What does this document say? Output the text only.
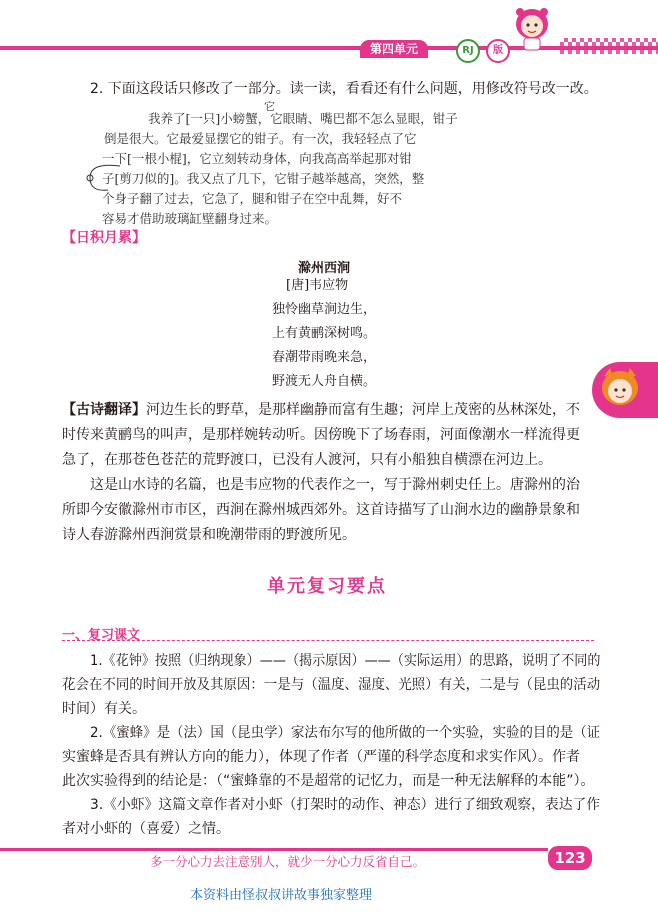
第四单元	RJ	版
2. 下面这段话只修改了一部分。读一读，看看还有什么问题，用修改符号改一改。
我养了[一只]小螃蟹，它眼睛、嘴巴都不怎么显眼，钳子
倒是很大。它最爱显摆它的钳子。有一次，我轻轻点了它
一下[一根小棍]，它立刻转动身体，向我高高举起那对钳
子[剪刀似的]。我又点了几下，它钳子越举越高，突然，整
个身子翻了过去，它急了，腿和钳子在空中乱舞，好不
容易才借助玻璃缸壁翻身过来。
它
【日积月累】
滁州西涧
[唐]韦应物
独怜幽草涧边生，
上有黄鹂深树鸣。
春潮带雨晚来急，
野渡无人舟自横。
【古诗翻译】河边生长的野草，是那样幽静而富有生趣；河岸上茂密的丛林深处，不
时传来黄鹂鸟的叫声，是那样婉转动听。因傍晚下了场春雨，河面像潮水一样流得更
急了，在那苍色苍茫的荒野渡口，已没有人渡河，只有小船独自横漂在河边上。
这是山水诗的名篇，也是韦应物的代表作之一，写于滁州刺史任上。唐滁州的治
所即今安徽滁州市市区，西涧在滁州城西郊外。这首诗描写了山涧水边的幽静景象和
诗人春游滁州西涧赏景和晚潮带雨的野渡所见。
单元复习要点
一、复习课文
1.《花钟》按照（归纳现象）——（揭示原因）——（实际运用）的思路，说明了不同的
花会在不同的时间开放及其原因：一是与（温度、湿度、光照）有关，二是与（昆虫的活动
时间）有关。
2.《蜜蜂》是（法）国（昆虫学）家法布尔写的他所做的一个实验，实验的目的是（证
实蜜蜂是否具有辨认方向的能力），体现了作者（严谨的科学态度和求实作风）。作者
此次实验得到的结论是：（“蜜蜂靠的不是超常的记忆力，而是一种无法解释的本能”）。
3.《小虾》这篇文章作者对小虾（打架时的动作、神态）进行了细致观察，表达了作
者对小虾的（喜爱）之情。
多一分心力去注意别人，就少一分心力反省自己。	123
本资料由怪叔叔讲故事独家整理
